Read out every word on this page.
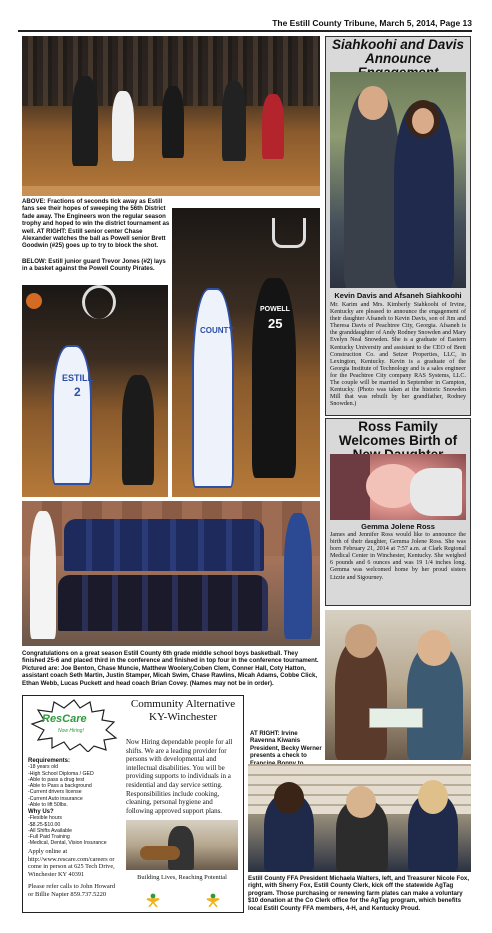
The Estill County Tribune, March 5, 2014, Page 13
ABOVE: Fractions of seconds tick away as Estill fans see their hopes of sweeping the 56th District fade away. The Engineers won the regular season trophy and hoped to win the district tournament as well. AT RIGHT: Estill senior center Chase Alexander watches the ball as Powell senior Brett Goodwin (#25) goes up to try to block the shot.
BELOW: Estill junior guard Trevor Jones (#2) lays in a basket against the Powell County Pirates.
ESTILL
2
COUNTY
POWELL
25
Congratulations on a great season Estill County 6th grade middle school boys basketball. They finished 25-6 and placed third in the conference and finished in top four in the conference tournament. Pictured are: Joe Benton, Chase Muncie, Matthew Woolery,Coben Clem, Conner Hall, Coty Hatton, assistant coach Seth Martin, Justin Stamper, Micah Swim, Chase Rawlins, Micah Adams, Cobbe Click, Ethan Webb, Lucas Puckett and head coach Brian Covey. (Names may not be in order).
Siahkoohi and Davis Announce
Kevin Davis and Afsaneh Siahkoohi
Mr. Karim and Mrs. Kimberly Siahkoohi of Irvine, Kentucky are pleased to announce the engagement of their daughter Afsaneh to Kevin Davis, son of Jim and Theresa Davis of Peachtree City, Georgia. Afsaneh is the granddaughter of Andy Rodney Snowden and Mary Evelyn Neal Snowden. She is a graduate of Eastern Kentucky University and assistant to the CEO of Brett Construction Co. and Setzer Properties, LLC, in Lexington, Kentucky. Kevin is a graduate of the Georgia Institute of Technology and is a sales engineer for the Peachtree City company RAS Systems, LLC. The couple will be married in September in Campton, Kentucky. (Photo was taken at the historic Snowden Mill that was rebuilt by her grandfather, Rodney Snowden.)
Ross Family Welcomes Birth of
Gemma Jolene Ross
James and Jennifer Ross would like to announce the birth of their daughter, Gemma Jolene Ross. She was born February 21, 2014 at 7:57 a.m. at Clark Regional Medical Center in Winchester, Kentucky. She weighed 6 pounds and 6 ounces and was 19 1/4 inches long. Gemma was welcomed home by her proud sisters Lizzie and Sigourney.
ResCare
Now Hiring!
Community Alternative KY-Winchester
Now Hiring dependable people for all shifts. We are a leading provider for persons with developmental and intellectual disabilities. You will be providing supports to individuals in a residential and day service setting. Responsibilities include cooking, cleaning, personal hygiene and following approved support plans.
Requirements:
-18 years old
-High School Diploma / GED
-Able to pass a drug test
-Able to Pass a background
-Current drivers license
-Current Auto insurance
-Able to lift 50lbs.
Why Us?
-Flexible hours
-$8.25-$10.00
-All Shifts Available
-Full Paid Training
-Medical, Dental, Vision Insurance
Apply online at http://www.rescare.com/careers or come in person at 625 Tech Drive, Winchester KY 40391
Please refer calls to John Howard or Billie Napier 859.737.5220
Building Lives, Reaching Potential
AT RIGHT: Irvine Ravenna Kiwanis President, Becky Werner presents a check to
Estill County FFA President Michaela Walters, left, and Treasurer Nicole Fox, right, with Sherry Fox, Estill County Clerk, kick off the statewide AgTag program. Those purchasing or renewing farm plates can make a voluntary $10 donation at the Co Clerk office for the AgTag program, which benefits local Estill County FFA members, 4-H, and Kentucky Proud.
